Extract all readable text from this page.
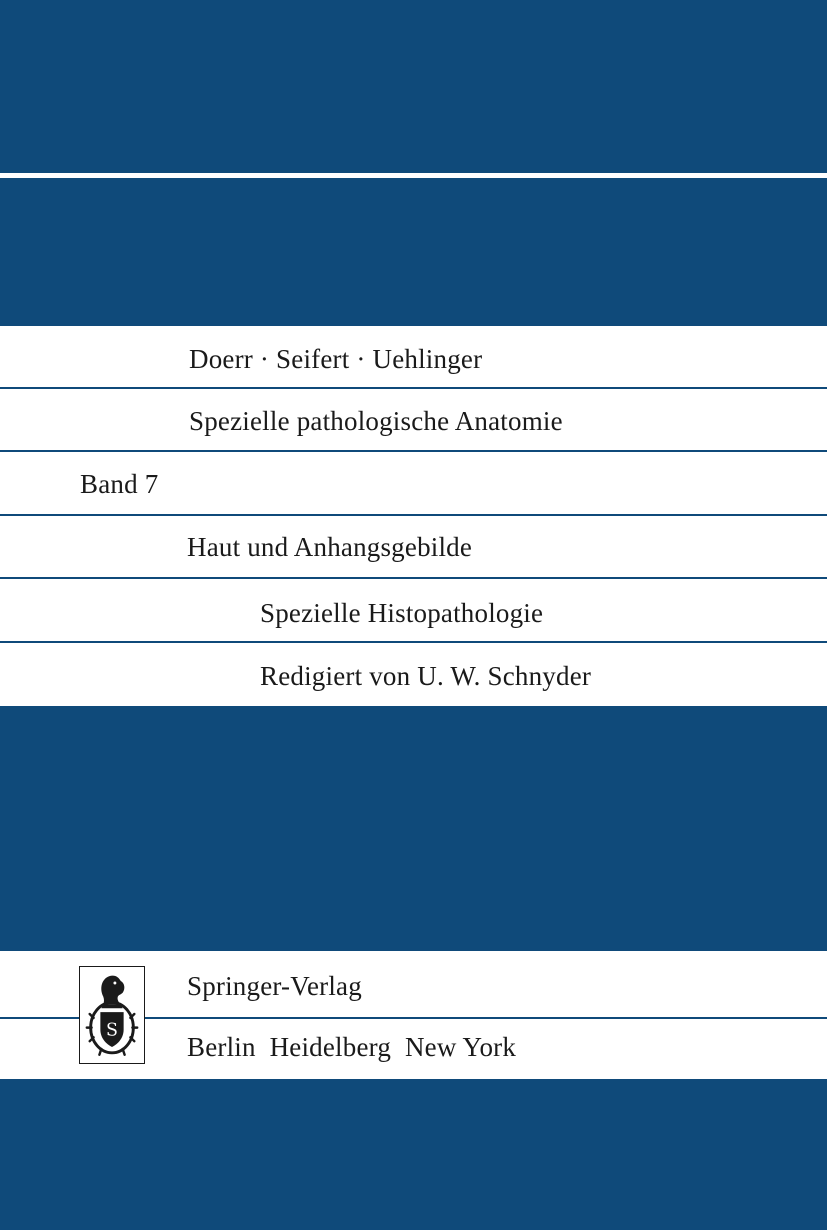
Doerr · Seifert · Uehlinger
Spezielle pathologische Anatomie
Band 7
Haut und Anhangsgebilde
Spezielle Histopathologie
Redigiert von U. W. Schnyder
Springer-Verlag
Berlin  Heidelberg  New York
S
